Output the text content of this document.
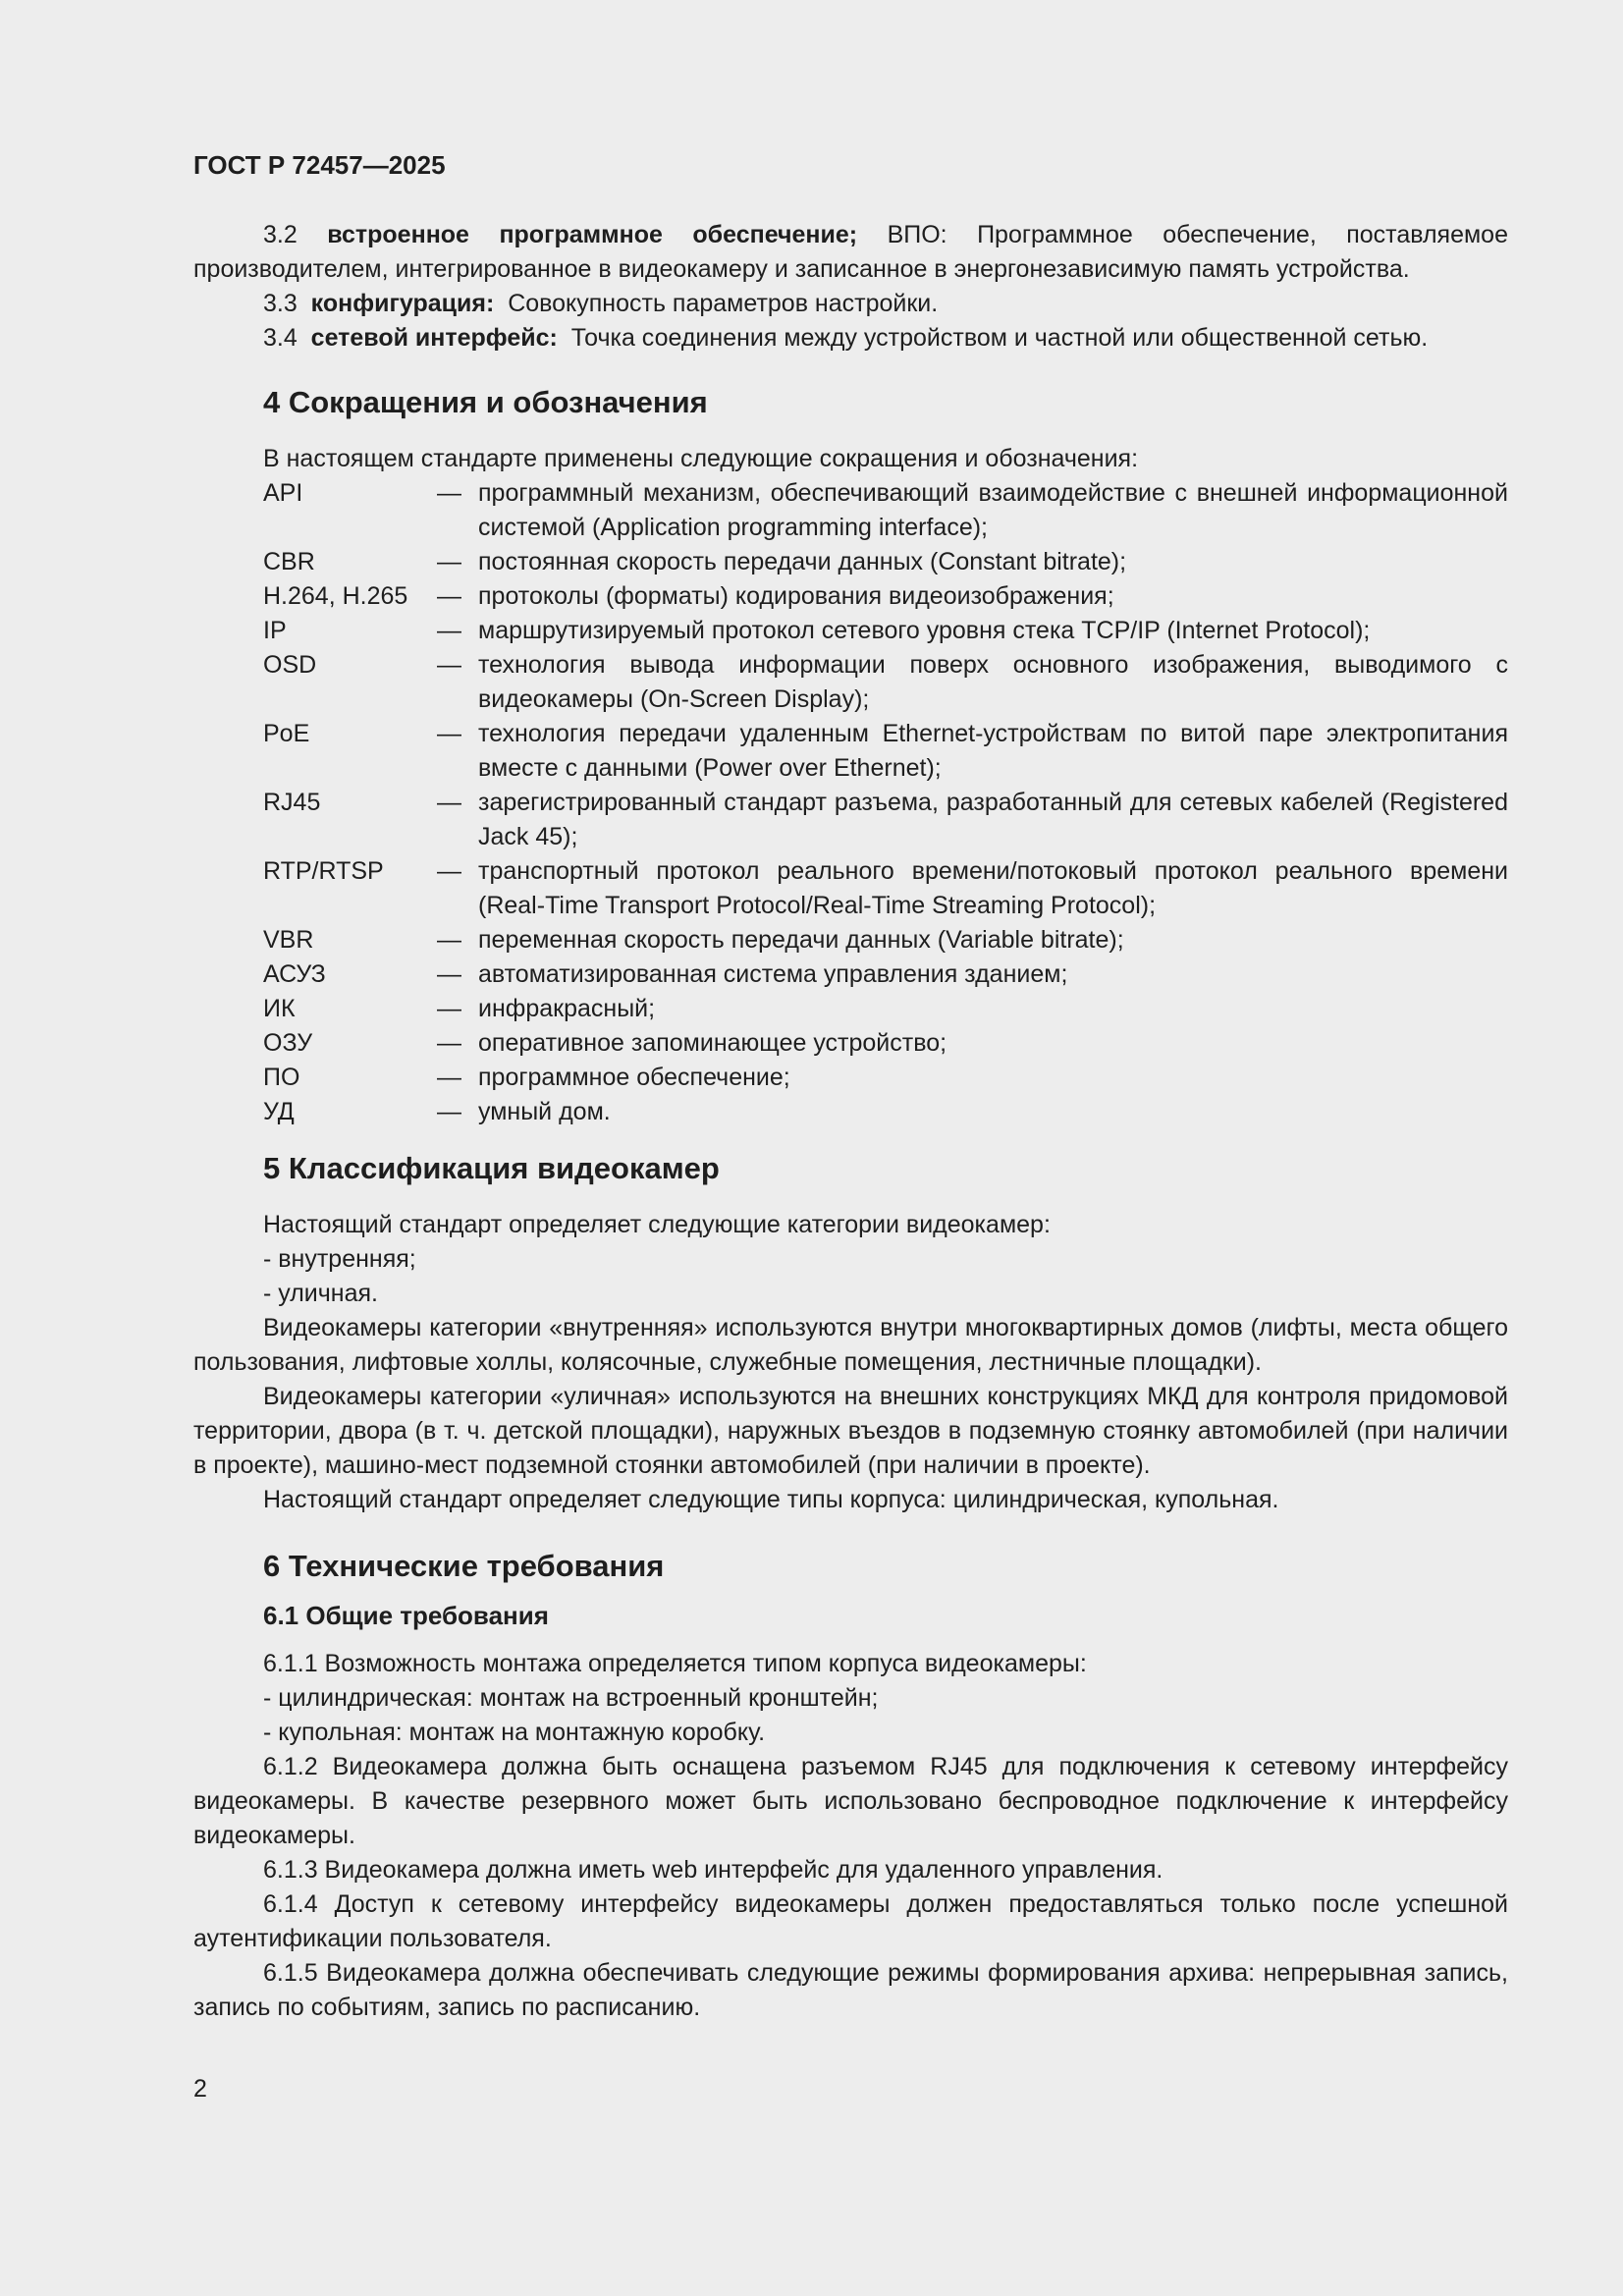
ГОСТ Р 72457—2025

3.2 встроенное программное обеспечение; ВПО: Программное обеспечение, поставляемое производителем, интегрированное в видеокамеру и записанное в энергонезависимую память устройства.

3.3 конфигурация: Совокупность параметров настройки.

3.4 сетевой интерфейс: Точка соединения между устройством и частной или общественной сетью.

4 Сокращения и обозначения

В настоящем стандарте применены следующие сокращения и обозначения:

API	— программный механизм, обеспечивающий взаимодействие с внешней информационной системой (Application programming interface);
CBR	— постоянная скорость передачи данных (Constant bitrate);
H.264, H.265	— протоколы (форматы) кодирования видеоизображения;
IP	— маршрутизируемый протокол сетевого уровня стека TCP/IP (Internet Protocol);
OSD	— технология вывода информации поверх основного изображения, выводимого с видеокамеры (On-Screen Display);
PoE	— технология передачи удаленным Ethernet-устройствам по витой паре электропитания вместе с данными (Power over Ethernet);
RJ45	— зарегистрированный стандарт разъема, разработанный для сетевых кабелей (Registered Jack 45);
RTP/RTSP	— транспортный протокол реального времени/потоковый протокол реального времени (Real-Time Transport Protocol/Real-Time Streaming Protocol);
VBR	— переменная скорость передачи данных (Variable bitrate);
АСУЗ	— автоматизированная система управления зданием;
ИК	— инфракрасный;
ОЗУ	— оперативное запоминающее устройство;
ПО	— программное обеспечение;
УД	— умный дом.
5 Классификация видеокамер

Настоящий стандарт определяет следующие категории видеокамер:

- внутренняя;

- уличная.

Видеокамеры категории «внутренняя» используются внутри многоквартирных домов (лифты, места общего пользования, лифтовые холлы, колясочные, служебные помещения, лестничные площадки).

Видеокамеры категории «уличная» используются на внешних конструкциях МКД для контроля придомовой территории, двора (в т. ч. детской площадки), наружных въездов в подземную стоянку автомобилей (при наличии в проекте), машино-мест подземной стоянки автомобилей (при наличии в проекте).

Настоящий стандарт определяет следующие типы корпуса: цилиндрическая, купольная.

6 Технические требования
6.1 Общие требования

6.1.1 Возможность монтажа определяется типом корпуса видеокамеры:

- цилиндрическая: монтаж на встроенный кронштейн;

- купольная: монтаж на монтажную коробку.

6.1.2 Видеокамера должна быть оснащена разъемом RJ45 для подключения к сетевому интерфейсу видеокамеры. В качестве резервного может быть использовано беспроводное подключение к интерфейсу видеокамеры.

6.1.3 Видеокамера должна иметь web интерфейс для удаленного управления.

6.1.4 Доступ к сетевому интерфейсу видеокамеры должен предоставляться только после успешной аутентификации пользователя.

6.1.5 Видеокамера должна обеспечивать следующие режимы формирования архива: непрерывная запись, запись по событиям, запись по расписанию.

2
